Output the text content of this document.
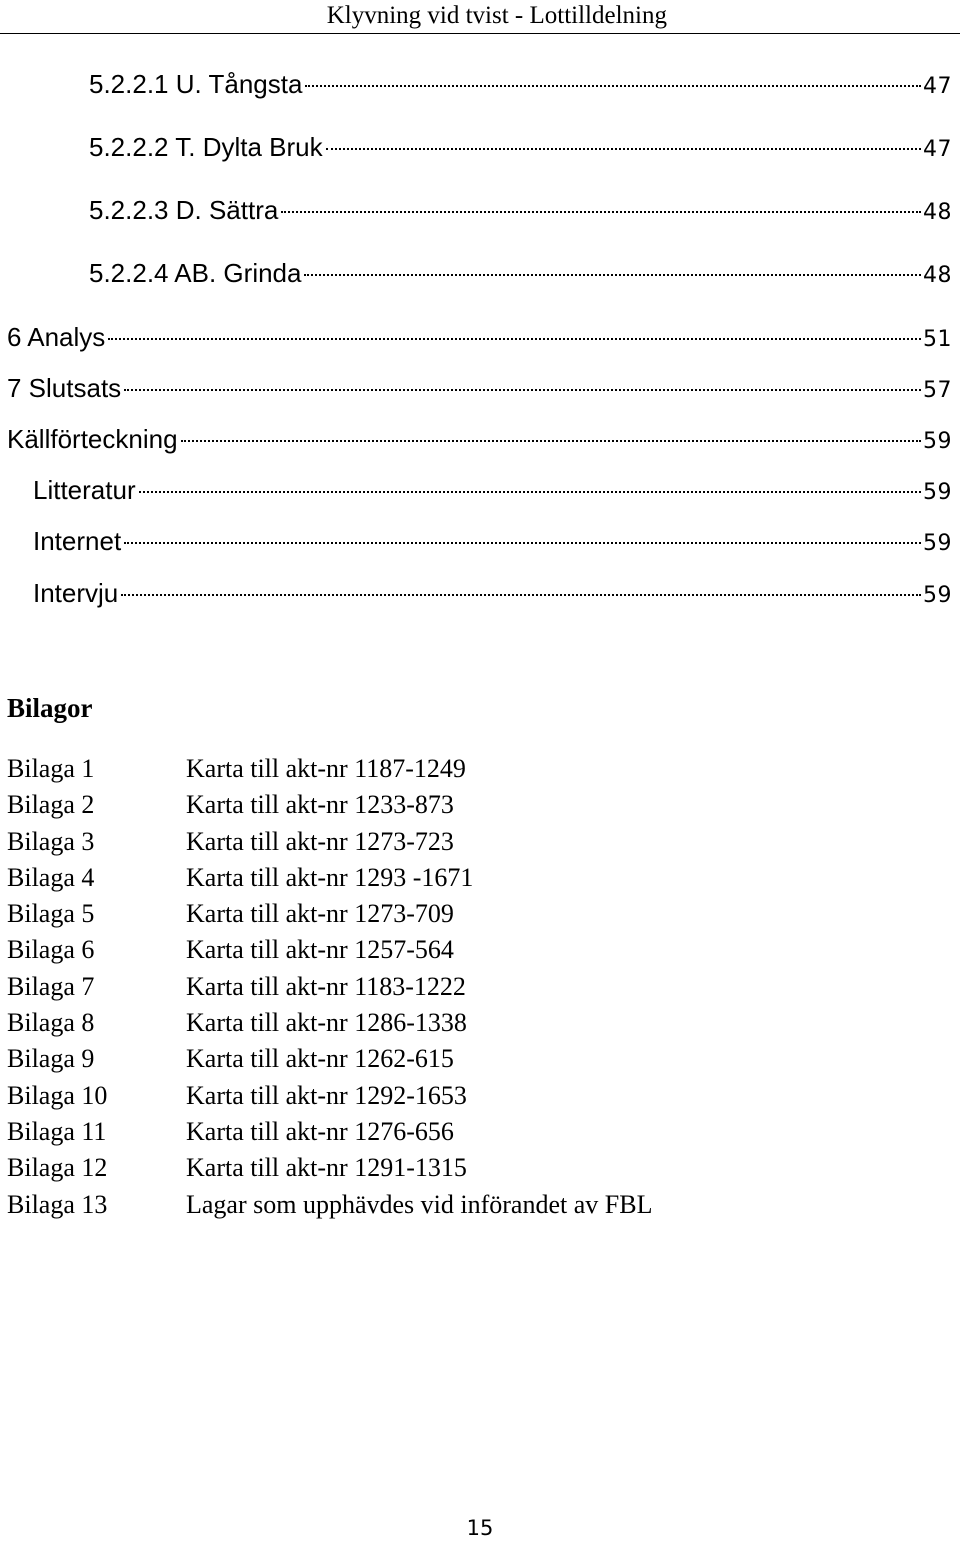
Klyvning vid tvist - Lottilldelning
5.2.2.1 U. Tångsta	47
5.2.2.2 T. Dylta Bruk	47
5.2.2.3 D. Sättra	48
5.2.2.4 AB. Grinda	48
6 Analys	51
7 Slutsats	57
Källförteckning	59
Litteratur	59
Internet	59
Intervju	59
Bilagor
Bilaga 1	Karta till akt-nr 1187-1249
Bilaga 2	Karta till akt-nr 1233-873
Bilaga 3	Karta till akt-nr 1273-723
Bilaga 4	Karta till akt-nr 1293 -1671
Bilaga 5	Karta till akt-nr 1273-709
Bilaga 6	Karta till akt-nr 1257-564
Bilaga 7	Karta till akt-nr 1183-1222
Bilaga 8	Karta till akt-nr 1286-1338
Bilaga 9	Karta till akt-nr 1262-615
Bilaga 10	Karta till akt-nr 1292-1653
Bilaga 11	Karta till akt-nr 1276-656
Bilaga 12	Karta till akt-nr 1291-1315
Bilaga 13	Lagar som upphävdes vid införandet av FBL
15
